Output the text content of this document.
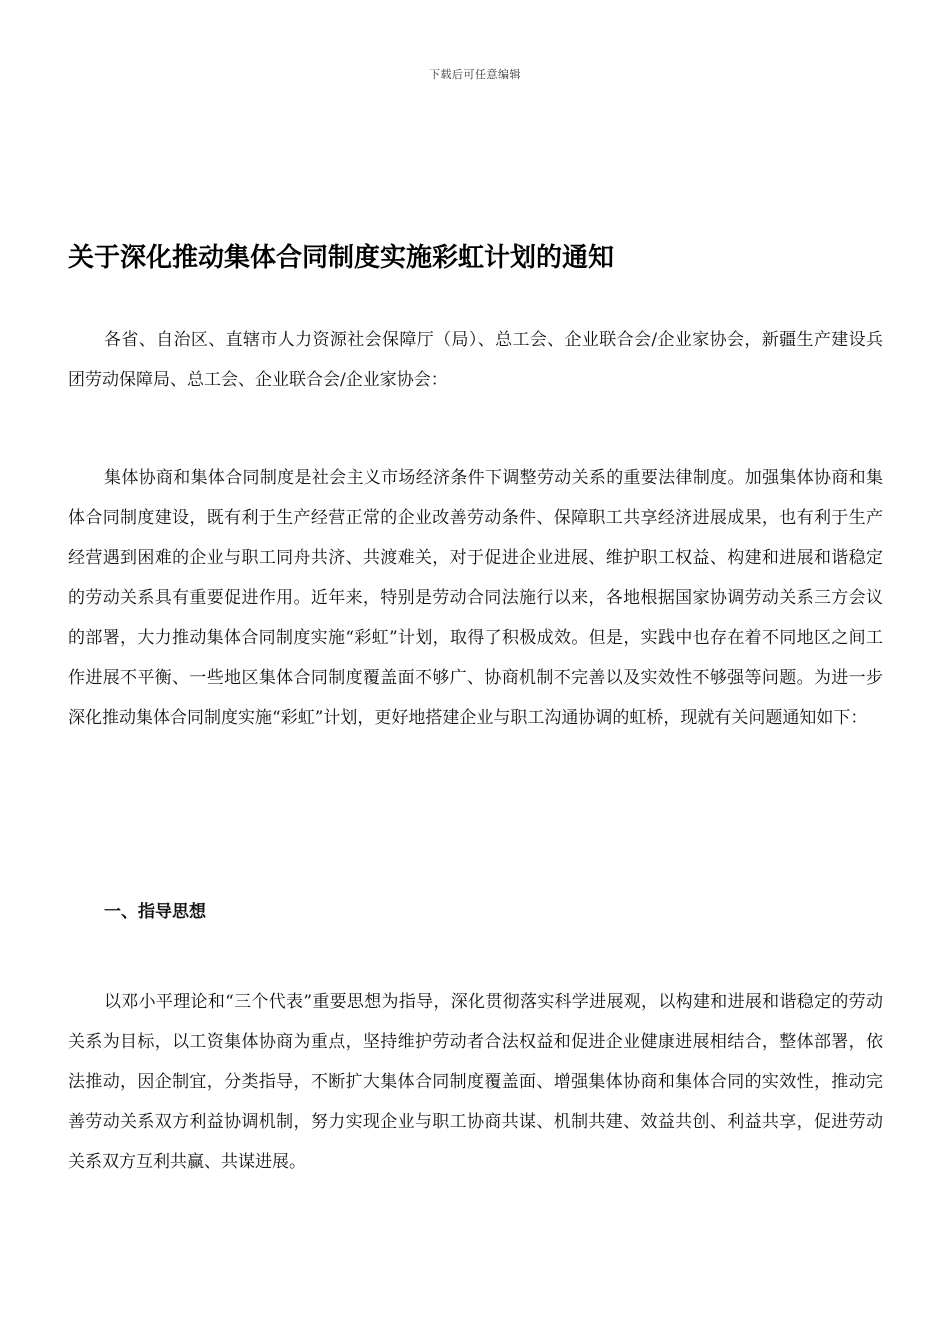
下载后可任意编辑
关于深化推动集体合同制度实施彩虹计划的通知

各省、自治区、直辖市人力资源社会保障厅（局）、总工会、企业联合会/企业家协会，新疆生产建设兵团劳动保障局、总工会、企业联合会/企业家协会：

集体协商和集体合同制度是社会主义市场经济条件下调整劳动关系的重要法律制度。加强集体协商和集体合同制度建设，既有利于生产经营正常的企业改善劳动条件、保障职工共享经济进展成果，也有利于生产经营遇到困难的企业与职工同舟共济、共渡难关，对于促进企业进展、维护职工权益、构建和进展和谐稳定的劳动关系具有重要促进作用。近年来，特别是劳动合同法施行以来，各地根据国家协调劳动关系三方会议的部署，大力推动集体合同制度实施“彩虹”计划，取得了积极成效。但是，实践中也存在着不同地区之间工作进展不平衡、一些地区集体合同制度覆盖面不够广、协商机制不完善以及实效性不够强等问题。为进一步深化推动集体合同制度实施“彩虹”计划，更好地搭建企业与职工沟通协调的虹桥，现就有关问题通知如下：

一、指导思想

以邓小平理论和“三个代表”重要思想为指导，深化贯彻落实科学进展观，以构建和进展和谐稳定的劳动关系为目标，以工资集体协商为重点，坚持维护劳动者合法权益和促进企业健康进展相结合，整体部署，依法推动，因企制宜，分类指导，不断扩大集体合同制度覆盖面、增强集体协商和集体合同的实效性，推动完善劳动关系双方利益协调机制，努力实现企业与职工协商共谋、机制共建、效益共创、利益共享，促进劳动关系双方互利共赢、共谋进展。
